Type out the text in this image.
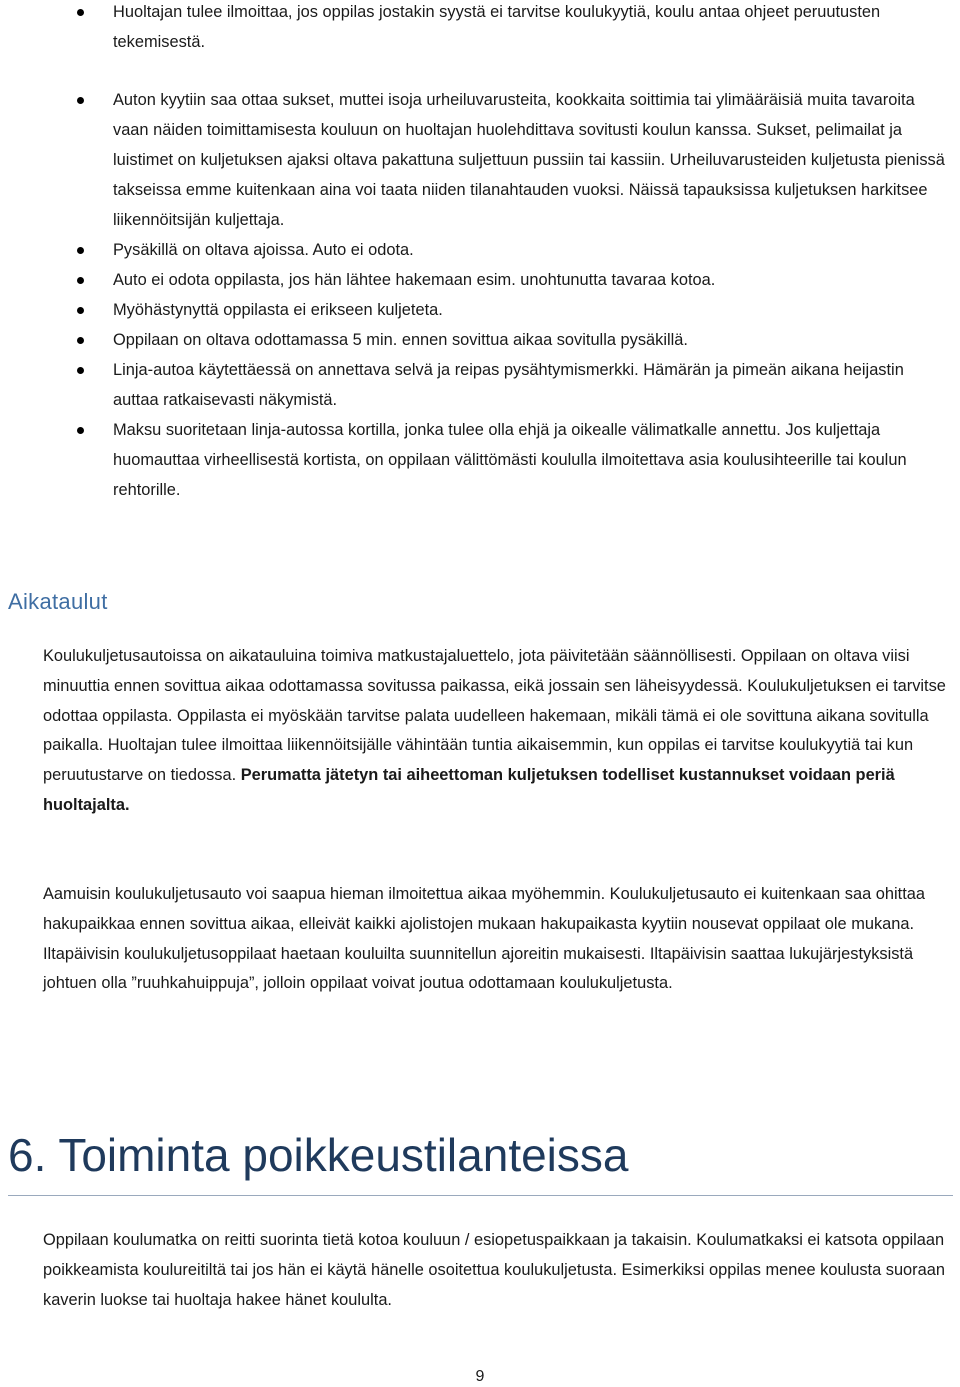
Huoltajan tulee ilmoittaa, jos oppilas jostakin syystä ei tarvitse koulukyytiä, koulu antaa ohjeet peruutusten tekemisestä.
Auton kyytiin saa ottaa sukset, muttei isoja urheiluvarusteita, kookkaita soittimia tai ylimääräisiä muita tavaroita vaan näiden toimittamisesta kouluun on huoltajan huolehdittava sovitusti koulun kanssa. Sukset, pelimailat ja luistimet on kuljetuksen ajaksi oltava pakattuna suljettuun pussiin tai kassiin. Urheiluvarusteiden kuljetusta pienissä takseissa emme kuitenkaan aina voi taata niiden tilanahtauden vuoksi. Näissä tapauksissa kuljetuksen harkitsee liikennöitsijän kuljettaja.
Pysäkillä on oltava ajoissa. Auto ei odota.
Auto ei odota oppilasta, jos hän lähtee hakemaan esim. unohtunutta tavaraa kotoa.
Myöhästynyttä oppilasta ei erikseen kuljeteta.
Oppilaan on oltava odottamassa 5 min. ennen sovittua aikaa sovitulla pysäkillä.
Linja-autoa käytettäessä on annettava selvä ja reipas pysähtymismerkki. Hämärän ja pimeän aikana heijastin auttaa ratkaisevasti näkymistä.
Maksu suoritetaan linja-autossa kortilla, jonka tulee olla ehjä ja oikealle välimatkalle annettu. Jos kuljettaja huomauttaa virheellisestä kortista, on oppilaan välittömästi koululla ilmoitettava asia koulusihteerille tai koulun rehtorille.
Aikataulut

Koulukuljetusautoissa on aikatauluina toimiva matkustajaluettelo, jota päivitetään säännöllisesti. Oppilaan on oltava viisi minuuttia ennen sovittua aikaa odottamassa sovitussa paikassa, eikä jossain sen läheisyydessä. Koulukuljetuksen ei tarvitse odottaa oppilasta. Oppilasta ei myöskään tarvitse palata uudelleen hakemaan, mikäli tämä ei ole sovittuna aikana sovitulla paikalla. Huoltajan tulee ilmoittaa liikennöitsijälle vähintään tuntia aikaisemmin, kun oppilas ei tarvitse koulukyytiä tai kun peruutustarve on tiedossa. Perumatta jätetyn tai aiheettoman kuljetuksen todelliset kustannukset voidaan periä huoltajalta.

Aamuisin koulukuljetusauto voi saapua hieman ilmoitettua aikaa myöhemmin. Koulukuljetusauto ei kuitenkaan saa ohittaa hakupaikkaa ennen sovittua aikaa, elleivät kaikki ajolistojen mukaan hakupaikasta kyytiin nousevat oppilaat ole mukana. Iltapäivisin koulukuljetusoppilaat haetaan kouluilta suunnitellun ajoreitin mukaisesti. Iltapäivisin saattaa lukujärjestyksistä johtuen olla ”ruuhkahuippuja”, jolloin oppilaat voivat joutua odottamaan koulukuljetusta.

6. Toiminta poikkeustilanteissa

Oppilaan koulumatka on reitti suorinta tietä kotoa kouluun / esiopetuspaikkaan ja takaisin. Koulumatkaksi ei katsota oppilaan poikkeamista koulureitiltä tai jos hän ei käytä hänelle osoitettua koulukuljetusta. Esimerkiksi oppilas menee koulusta suoraan kaverin luokse tai huoltaja hakee hänet koululta.

9
